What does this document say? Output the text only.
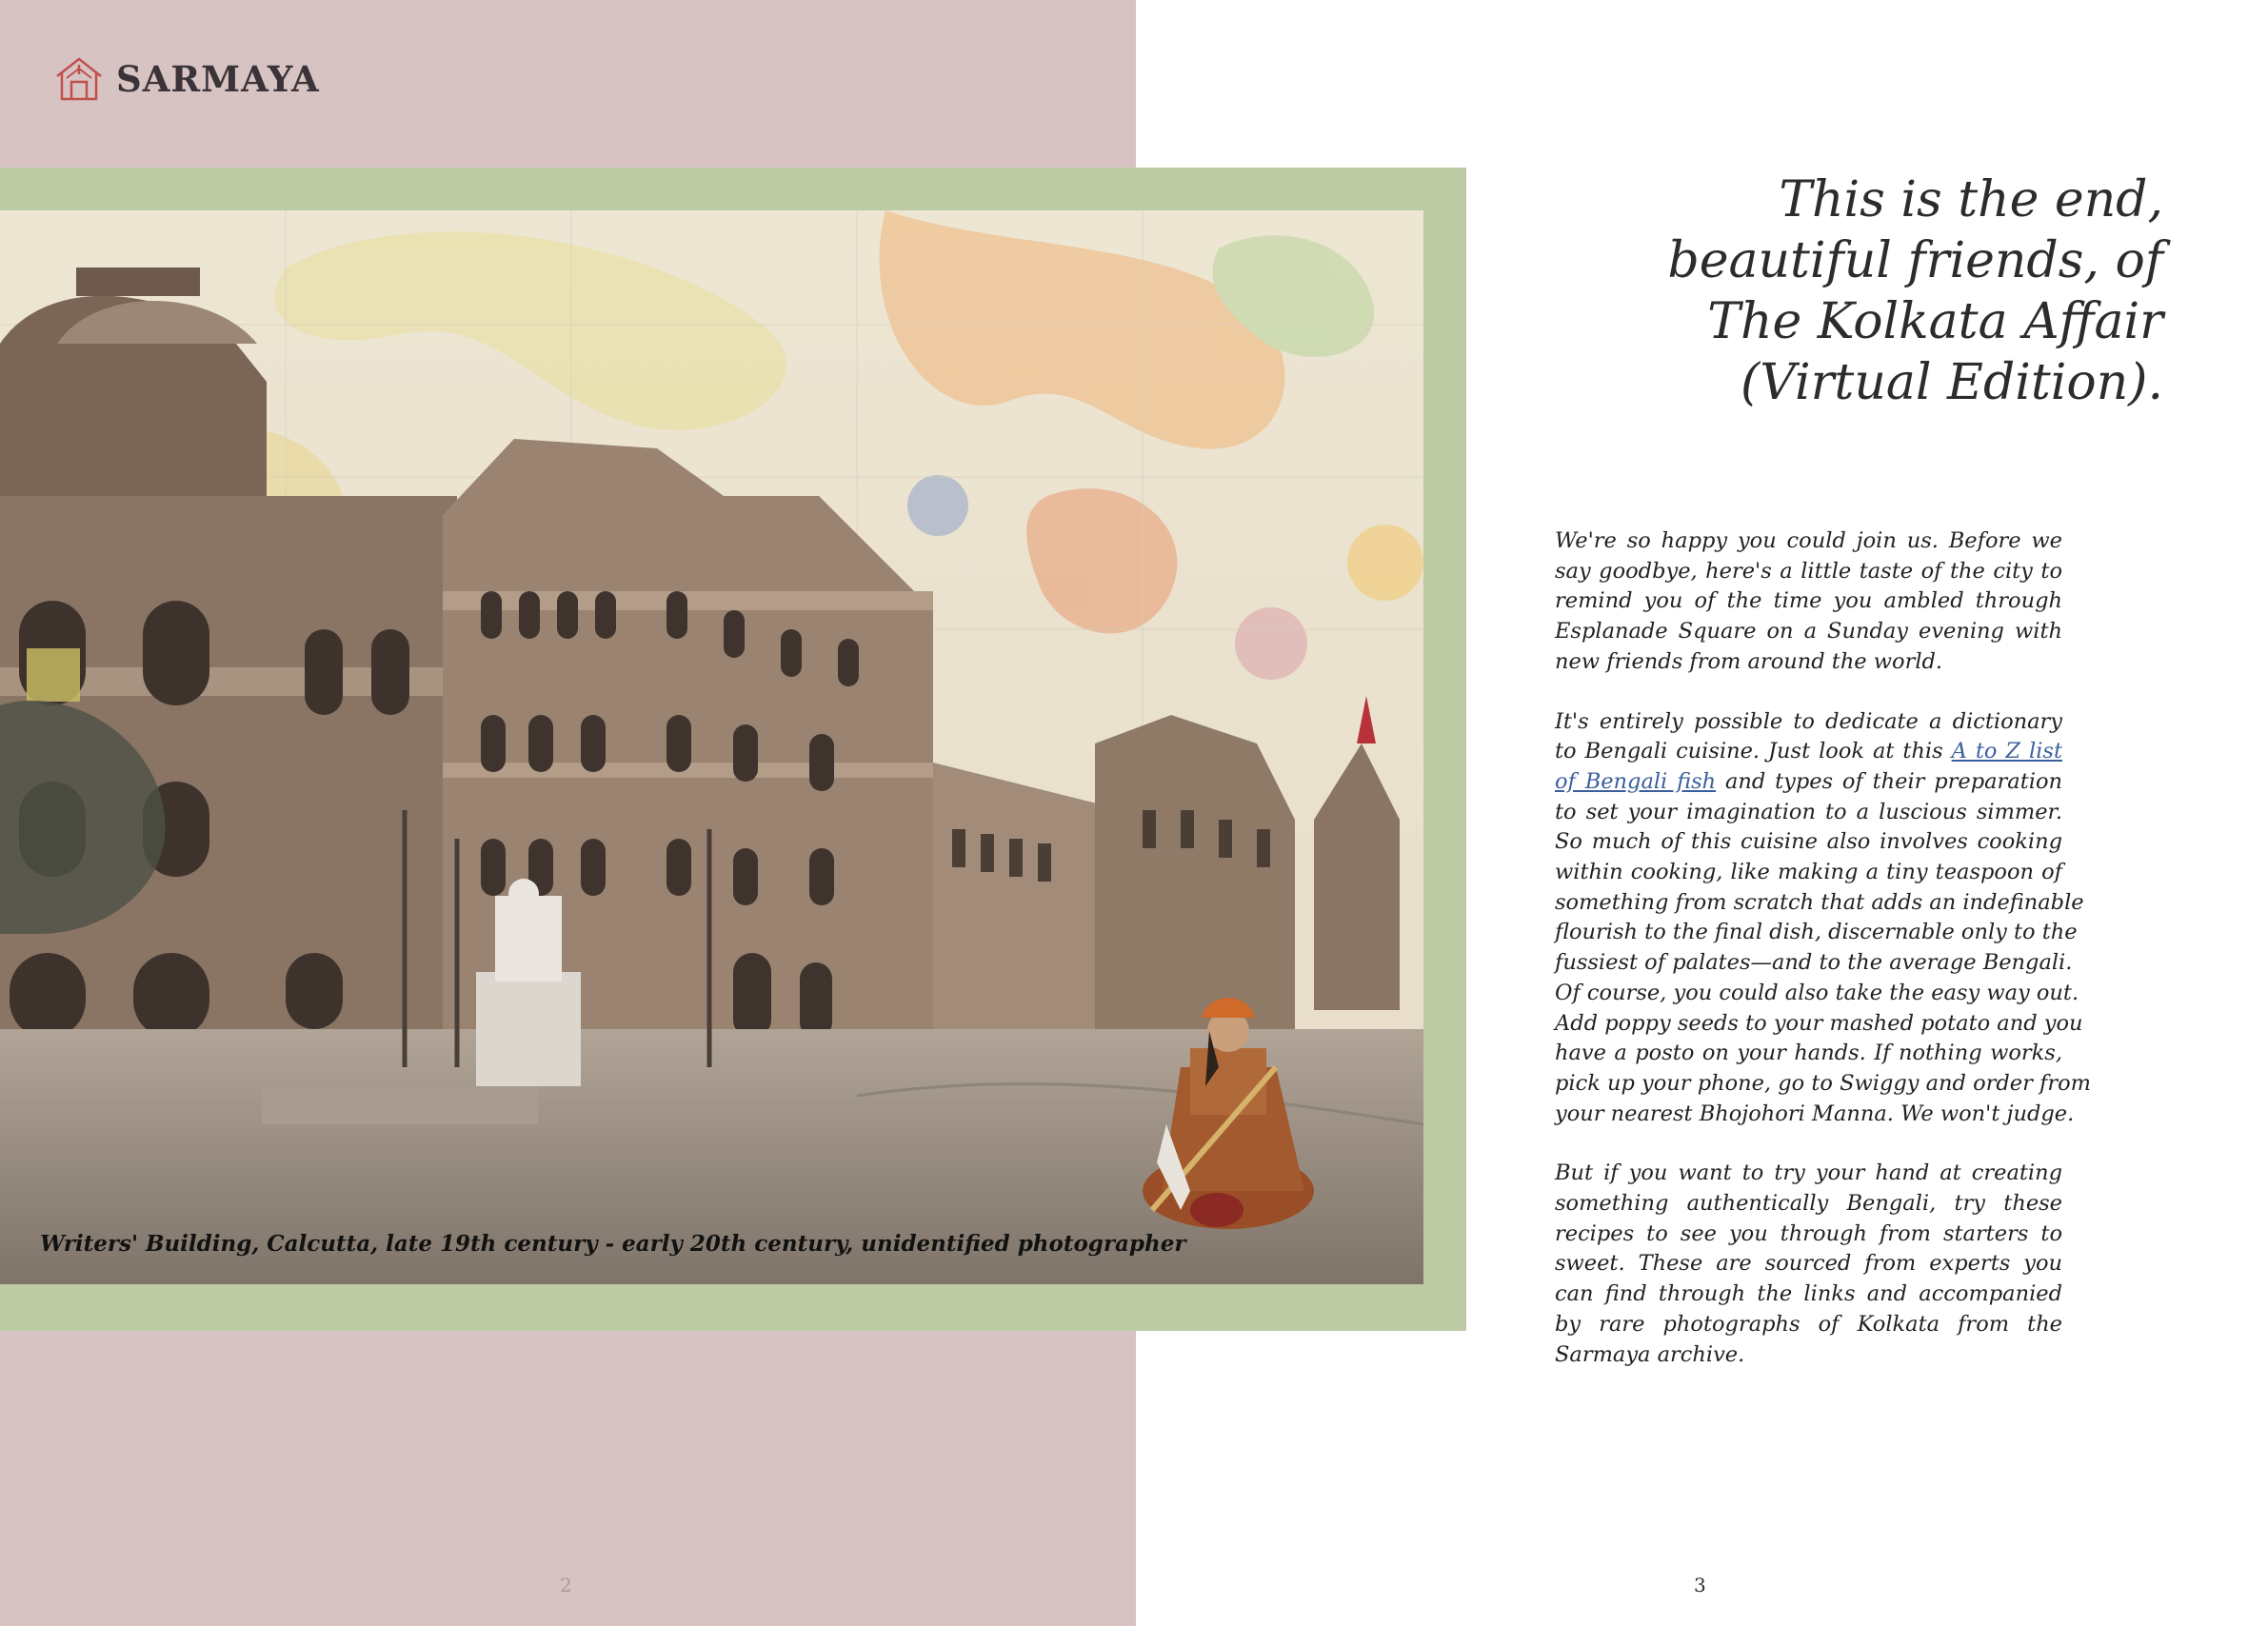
SARMAYA
Writers' Building, Calcutta, late 19th century - early 20th century, unidentified photographer
2
This is the end,
beautiful friends, of
The Kolkata Affair
(Virtual Edition).
We're so happy you could join us. Before we
say goodbye, here's a little taste of the city to
remind you of the time you ambled through
Esplanade Square on a Sunday evening with
new friends from around the world.
It's entirely possible to dedicate a dictionary
to Bengali cuisine. Just look at this A to Z list
of Bengali fish and types of their preparation
to set your imagination to a luscious simmer.
So much of this cuisine also involves cooking
within cooking, like making a tiny teaspoon of
something from scratch that adds an indefinable
flourish to the final dish, discernable only to the
fussiest of palates—and to the average Bengali.
Of course, you could also take the easy way out.
Add poppy seeds to your mashed potato and you
have a posto on your hands. If nothing works,
pick up your phone, go to Swiggy and order from
your nearest Bhojohori Manna. We won't judge.
But if you want to try your hand at creating
something authentically Bengali, try these
recipes to see you through from starters to
sweet. These are sourced from experts you
can find through the links and accompanied
by rare photographs of Kolkata from the
Sarmaya archive.
3
